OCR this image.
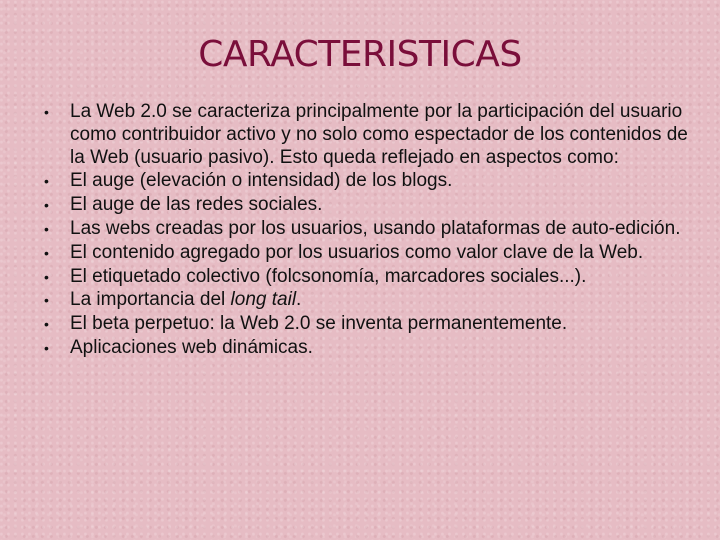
CARACTERISTICAS
•	La Web 2.0 se caracteriza principalmente por la participación del usuario como contribuidor activo y no solo como espectador de los contenidos de la Web (usuario pasivo). Esto queda reflejado en aspectos como:
•	El auge (elevación o intensidad) de los blogs.
•	El auge de las redes sociales.
•	Las webs creadas por los usuarios, usando plataformas de auto-edición.
•	El contenido agregado por los usuarios como valor clave de la Web.
•	El etiquetado colectivo (folcsonomía, marcadores sociales...).
•	La importancia del long tail.
•	El beta perpetuo: la Web 2.0 se inventa permanentemente.
•	Aplicaciones web dinámicas.
